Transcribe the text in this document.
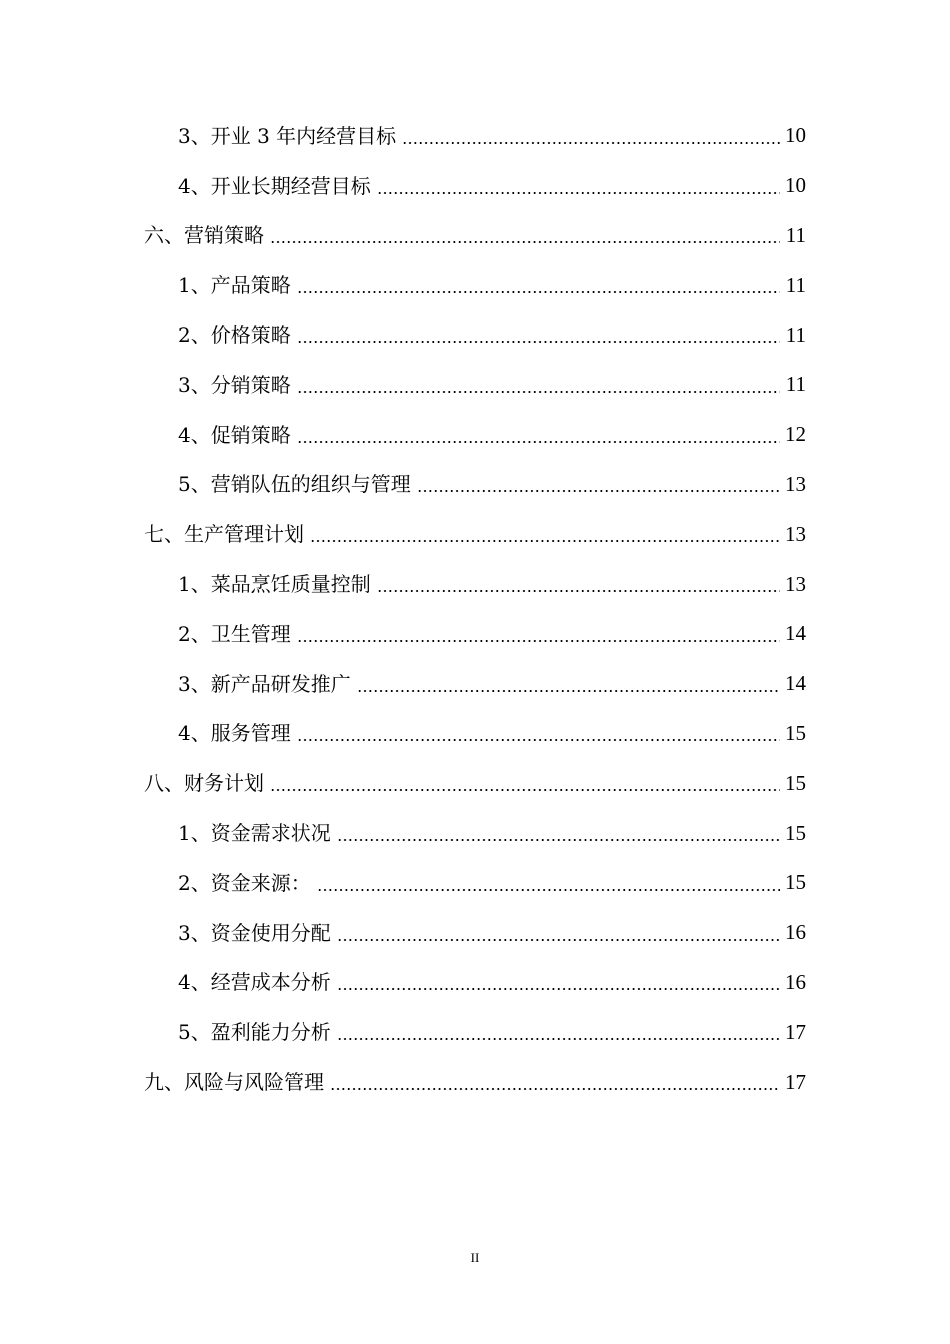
3、开业 3 年内经营目标	10
4、开业长期经营目标	10
六、营销策略	11
1、产品策略	11
2、价格策略	11
3、分销策略	11
4、促销策略	12
5、营销队伍的组织与管理	13
七、生产管理计划	13
1、菜品烹饪质量控制	13
2、卫生管理	14
3、新产品研发推广	14
4、服务管理	15
八、财务计划	15
1、资金需求状况	15
2、资金来源：	15
3、资金使用分配	16
4、经营成本分析	16
5、盈利能力分析	17
九、风险与风险管理	17
II
